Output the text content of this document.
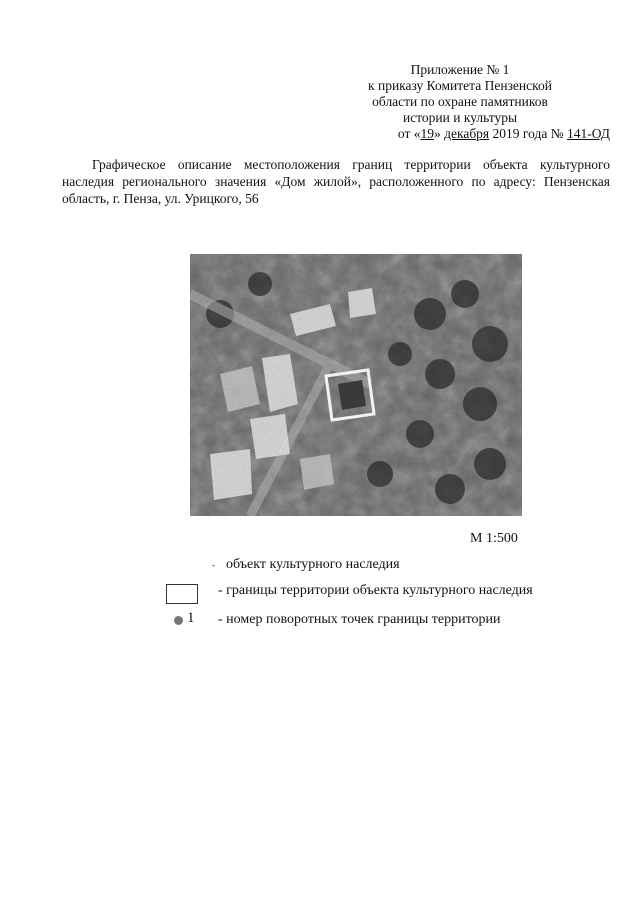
Приложение № 1
к приказу Комитета Пензенской
области по охране памятников
истории и культуры
от «19» декабря 2019 года № 141-ОД

Графическое описание местоположения границ территории объекта культурного наследия регионального значения «Дом жилой», расположенного по адресу: Пензенская область, г. Пенза, ул. Урицкого, 56

М 1:500
- объект культурного наследия
- границы территории объекта культурного наследия
1 - номер поворотных точек границы территории
